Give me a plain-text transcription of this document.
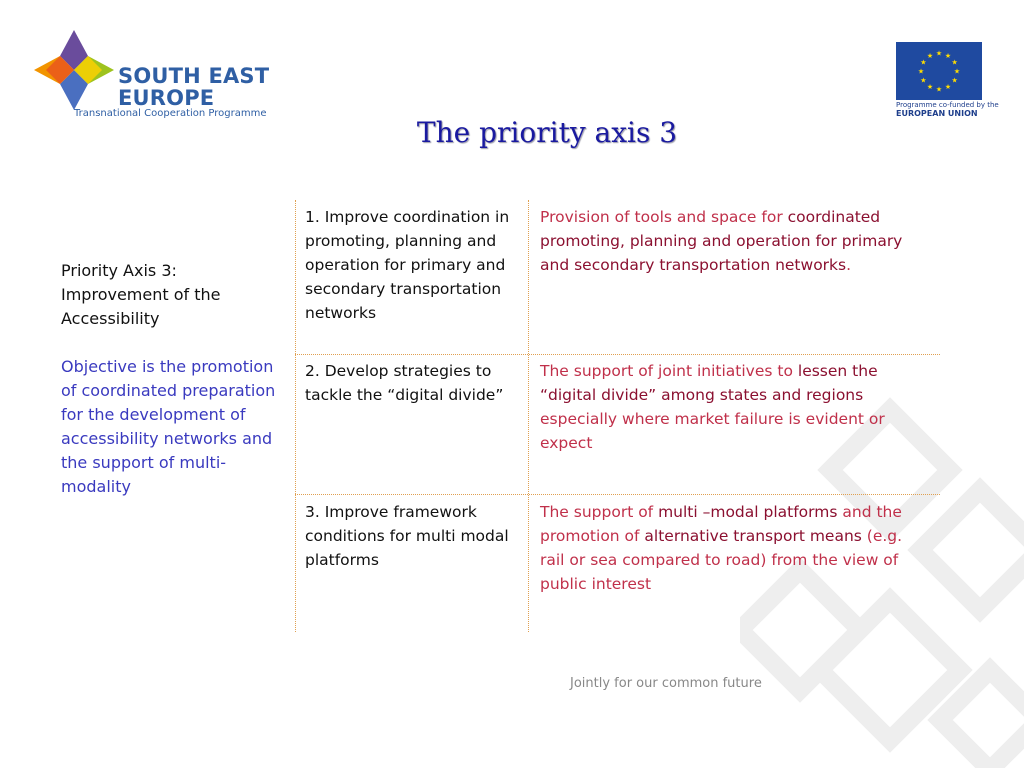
SOUTH EAST
EUROPE
Transnational Cooperation Programme
★ ★
★
★
★
★
★
★
★
★
★
★
Programme co-funded by the
EUROPEAN UNION
The priority axis 3
Priority Axis 3: Improvement of the Accessibility
Objective is the promotion of coordinated preparation for the development of accessibility networks and the support of multi-modality
1. Improve coordination in promoting, planning and operation for primary and secondary transportation networks
Provision of tools and space for coordinated promoting, planning and operation for primary and secondary transportation networks.
2. Develop strategies to tackle the “digital divide”
The support of joint initiatives to lessen the “digital divide” among states and regions especially where market failure is evident or expect
3. Improve framework conditions for multi modal platforms
The support of multi –modal platforms and the promotion of alternative transport means (e.g. rail or sea compared to road) from the view of public interest
Jointly for our common future
